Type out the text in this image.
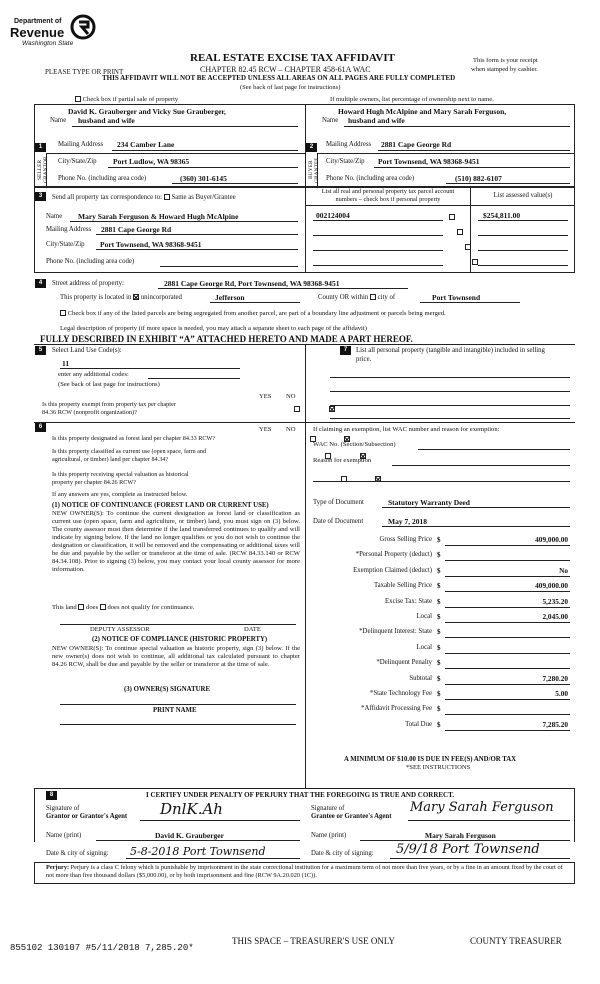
Department of
Revenue
Washington State
REAL ESTATE EXCISE TAX AFFIDAVIT
CHAPTER 82.45 RCW – CHAPTER 458-61A WAC
THIS AFFIDAVIT WILL NOT BE ACCEPTED UNLESS ALL AREAS ON ALL PAGES ARE FULLY COMPLETED
(See back of last page for instructions)
PLEASE TYPE OR PRINT
This form is your receipt
when stamped by cashier.
Check box if partial sale of property	If multiple owners, list percentage of ownership next to name.
1	2
SELLER GRANTOR	BUYER GRANTEE
David K. Grauberger and Vicky Sue Grauberger,
Name husband and wife
Mailing Address 234 Camber Lane
City/State/Zip Port Ludlow, WA 98365
Phone No. (including area code)	(360) 301-6145
Howard Hugh McAlpine and Mary Sarah Ferguson,
Name husband and wife
Mailing Address 2881 Cape George Rd
City/State/Zip Port Townsend, WA 98368-9451
Phone No. (including area code)	(510) 882-6107
3	Send all property tax correspondence to: Same as Buyer/Grantee
Name Mary Sarah Ferguson & Howard Hugh McAlpine
Mailing Address 2881 Cape George Rd
City/State/Zip Port Townsend, WA 98368-9451
Phone No. (including area code)
List all real and personal property tax parcel account
numbers – check box if personal property
List assessed value(s)
002124004	$254,811.00

4	Street address of property:	2881 Cape George Rd, Port Townsend, WA 98368-9451
This property is located in unincorporated	Jefferson	County OR within city of	Port Townsend
Check box if any of the listed parcels are being segregated from another parcel, are part of a boundary line adjustment or parcels being merged.
Legal description of property (if more space is needed, you may attach a separate sheet to each page of the affidavit)
FULLY DESCRIBED IN EXHIBIT “A” ATTACHED HERETO AND MADE A PART HEREOF.
5	Select Land Use Code(s):
11
enter any additional codes:
(See back of last page for instructions)
YES NO
Is this property exempt from property tax per chapter
84.36 RCW (nonprofit organization)?

7	List all personal property (tangible and intangible) included in selling
price.
6	YES NO
Is this property designated as forest land per chapter 84.33 RCW?

Is this property classified as current use (open space, farm and
agricultural, or timber) land per chapter 84.34?

Is this property receiving special valuation as historical
property per chapter 84.26 RCW?

If any answers are yes, complete as instructed below.
(1) NOTICE OF CONTINUANCE (FOREST LAND OR CURRENT USE)
NEW OWNER(S): To continue the current designation as forest land or classification as current use (open space, farm and agriculture, or timber) land, you must sign on (3) below. The county assessor must then determine if the land transferred continues to qualify and will indicate by signing below. If the land no longer qualifies or you do not wish to continue the designation or classification, it will be removed and the compensating or additional taxes will be due and payable by the seller or transferor at the time of sale. (RCW 84.33.140 or RCW 84.34.108). Prior to signing (3) below, you may contact your local county assessor for more information.
This land does does not qualify for continuance.
DEPUTY ASSESSOR	DATE
(2) NOTICE OF COMPLIANCE (HISTORIC PROPERTY)
NEW OWNER(S): To continue special valuation as historic property, sign (3) below. If the new owner(s) does not wish to continue, all additional tax calculated pursuant to chapter 84.26 RCW, shall be due and payable by the seller or transferor at the time of sale.
(3) OWNER(S) SIGNATURE
PRINT NAME
If claiming an exemption, list WAC number and reason for exemption:
WAC No. (Section/Subsection)
Reason for exemption
Type of Document	Statutory Warranty Deed
Date of Document	May 7, 2018
Gross Selling Price $	409,000.00
*Personal Property (deduct) $
Exemption Claimed (deduct) $	No
Taxable Selling Price $	409,000.00
Excise Tax: State $	5,235.20
Local $	2,045.00
*Delinquent Interest: State $
Local $
*Delinquent Penalty $
Subtotal $	7,280.20
*State Technology Fee $	5.00
*Affidavit Processing Fee $
Total Due $	7,285.20
A MINIMUM OF $10.00 IS DUE IN FEE(S) AND/OR TAX
*SEE INSTRUCTIONS
8	I CERTIFY UNDER PENALTY OF PERJURY THAT THE FOREGOING IS TRUE AND CORRECT.
Signature of
Grantor or Grantor's Agent DnlK.Ah	Signature of
Grantee or Grantee's Agent
Mary Sarah Ferguson
Name (print)	David K. Grauberger	Name (print)	Mary Sarah Ferguson
Date & city of signing: 5-8-2018 Port Townsend	Date & city of signing: 5/9/18 Port Townsend
Perjury: Perjury is a class C felony which is punishable by imprisonment in the state correctional institution for a maximum term of not more than five years, or by a fine in an amount fixed by the court of not more than five thousand dollars ($5,000.00), or by both imprisonment and fine (RCW 9A.20.020 (1C)).
855102 130107 #5/11/2018 7,285.20*
THIS SPACE – TREASURER'S USE ONLY	COUNTY TREASURER
